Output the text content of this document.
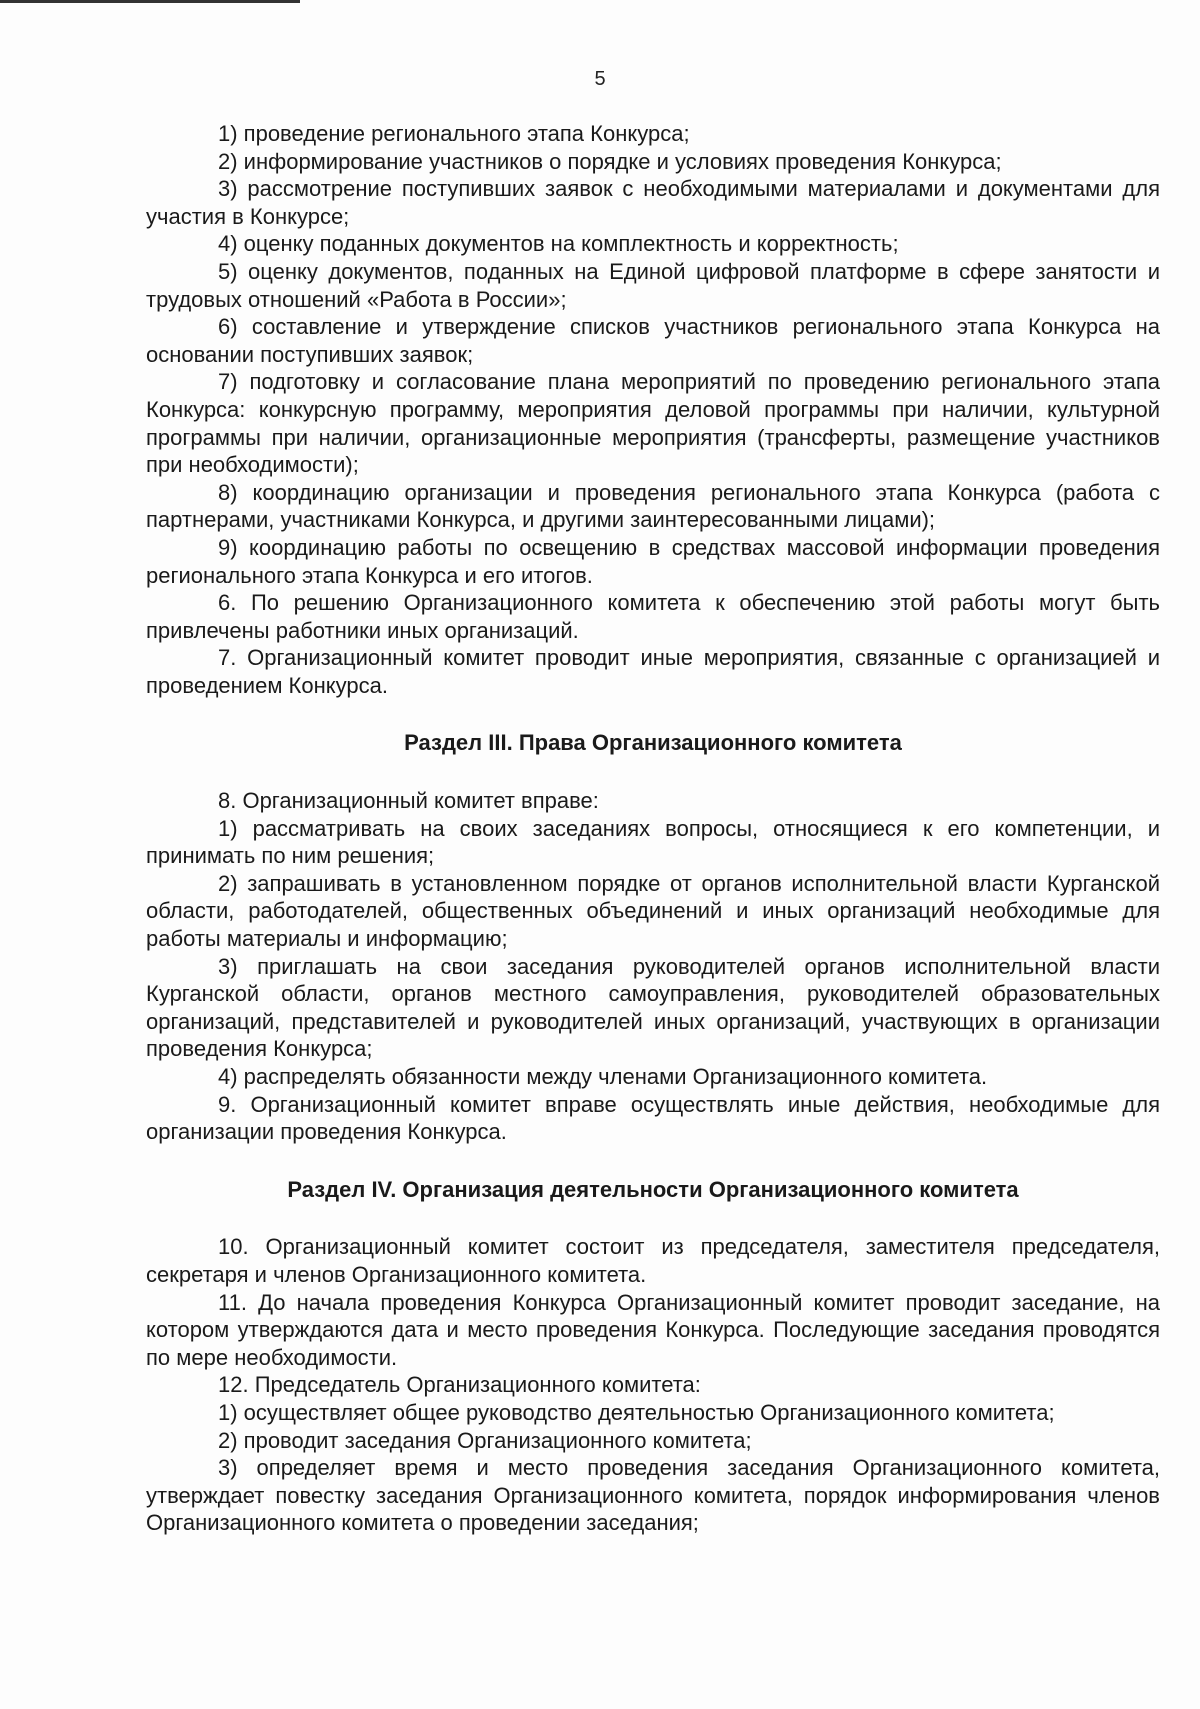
5

1) проведение регионального этапа Конкурса;

2) информирование участников о порядке и условиях проведения Конкурса;

3) рассмотрение поступивших заявок с необходимыми материалами и документами для участия в Конкурсе;

4) оценку поданных документов на комплектность и корректность;

5) оценку документов, поданных на Единой цифровой платформе в сфере занятости и трудовых отношений «Работа в России»;

6) составление и утверждение списков участников регионального этапа Конкурса на основании поступивших заявок;

7) подготовку и согласование плана мероприятий по проведению регионального этапа Конкурса: конкурсную программу, мероприятия деловой программы при наличии, культурной программы при наличии, организационные мероприятия (трансферты, размещение участников при необходимости);

8) координацию организации и проведения регионального этапа Конкурса (работа с партнерами, участниками Конкурса, и другими заинтересованными лицами);

9) координацию работы по освещению в средствах массовой информации проведения регионального этапа Конкурса и его итогов.

6. По решению Организационного комитета к обеспечению этой работы могут быть привлечены работники иных организаций.

7. Организационный комитет проводит иные мероприятия, связанные с организацией и проведением Конкурса.

Раздел III. Права Организационного комитета

8. Организационный комитет вправе:

1) рассматривать на своих заседаниях вопросы, относящиеся к его компетенции, и принимать по ним решения;

2) запрашивать в установленном порядке от органов исполнительной власти Курганской области, работодателей, общественных объединений и иных организаций необходимые для работы материалы и информацию;

3) приглашать на свои заседания руководителей органов исполнительной власти Курганской области, органов местного самоуправления, руководителей образовательных организаций, представителей и руководителей иных организаций, участвующих в организации проведения Конкурса;

4) распределять обязанности между членами Организационного комитета.

9. Организационный комитет вправе осуществлять иные действия, необходимые для организации проведения Конкурса.

Раздел IV. Организация деятельности Организационного комитета

10. Организационный комитет состоит из председателя, заместителя председателя, секретаря и членов Организационного комитета.

11. До начала проведения Конкурса Организационный комитет проводит заседание, на котором утверждаются дата и место проведения Конкурса. Последующие заседания проводятся по мере необходимости.

12. Председатель Организационного комитета:

1) осуществляет общее руководство деятельностью Организационного комитета;

2) проводит заседания Организационного комитета;

3) определяет время и место проведения заседания Организационного комитета, утверждает повестку заседания Организационного комитета, порядок информирования членов Организационного комитета о проведении заседания;
